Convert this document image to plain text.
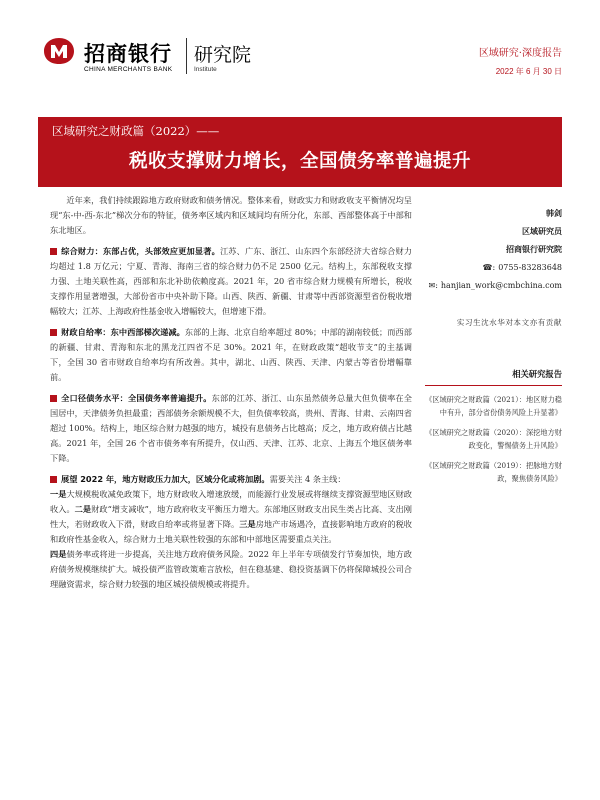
招商银行
CHINA MERCHANTS BANK
研究院
Institute
区域研究·深度报告
2022 年 6 月 30 日
区域研究之财政篇（2022）——
税收支撑财力增长，全国债务率普遍提升

近年来，我们持续跟踪地方政府财政和债务情况。整体来看，财政实力和财政收支平衡情况均呈现“东-中-西-东北”梯次分布的特征，债务率区域内和区域间均有所分化，东部、西部整体高于中部和东北地区。

综合财力：东部占优，头部效应更加显著。江苏、广东、浙江、山东四个东部经济大省综合财力均超过 1.8 万亿元；宁夏、青海、海南三省的综合财力仍不足 2500 亿元。结构上，东部税收支撑力强、土地关联性高，西部和东北补助依赖度高。2021 年，20 省市综合财力规模有所增长，税收支撑作用显著增强，大部份省市中央补助下降。山西、陕西、新疆、甘肃等中西部资源型省份税收增幅较大；江苏、上海政府性基金收入增幅较大，但增速下滑。

财政自给率：东中西部梯次递减。东部的上海、北京自给率超过 80%；中部的湖南较低；而西部的新疆、甘肃、青海和东北的黑龙江四省不足 30%。2021 年，在财政政策“超收节支”的主基调下，全国 30 省市财政自给率均有所改善。其中，湖北、山西、陕西、天津、内蒙古等省份增幅靠前。

全口径债务水平：全国债务率普遍提升。东部的江苏、浙江、山东虽然债务总量大但负债率在全国居中，天津债务负担最重；西部债务余额规模不大，但负债率较高，贵州、青海、甘肃、云南四省超过 100%。结构上，地区综合财力越强的地方，城投有息债务占比越高；反之，地方政府债占比越高。2021 年，全国 26 个省市债务率有所提升，仅山西、天津、江苏、北京、上海五个地区债务率下降。

展望 2022 年，地方财政压力加大，区域分化或将加剧。需要关注 4 条主线：
一是大规模税收减免政策下，地方财政收入增速放缓，而能源行业发展或将继续支撑资源型地区财政收入。二是财政“增支减收”，地方政府收支平衡压力增大。东部地区财政支出民生类占比高、支出刚性大，若财政收入下滑，财政自给率或将显著下降。三是房地产市场遇冷，直接影响地方政府的税收和政府性基金收入，综合财力土地关联性较强的东部和中部地区需要重点关注。
四是债务率或将进一步提高，关注地方政府债务风险。2022 年上半年专项债发行节奏加快，地方政府债务规模继续扩大。城投债严监管政策难言放松，但在稳基建、稳投资基调下仍将保障城投公司合理融资需求，综合财力较强的地区城投债规模或将提升。

韩剑
区域研究员
招商银行研究院
☎: 0755-83283648
✉: hanjian_work@cmbchina.com
实习生沈水华对本文亦有贡献
相关研究报告
《区域研究之财政篇（2021）：地区财力稳中有升，部分省份债务风险上升显著》
《区域研究之财政篇（2020）：深挖地方财政变化，警惕债务上升风险》
《区域研究之财政篇（2019）：把脉地方财政，聚焦债务风险》
